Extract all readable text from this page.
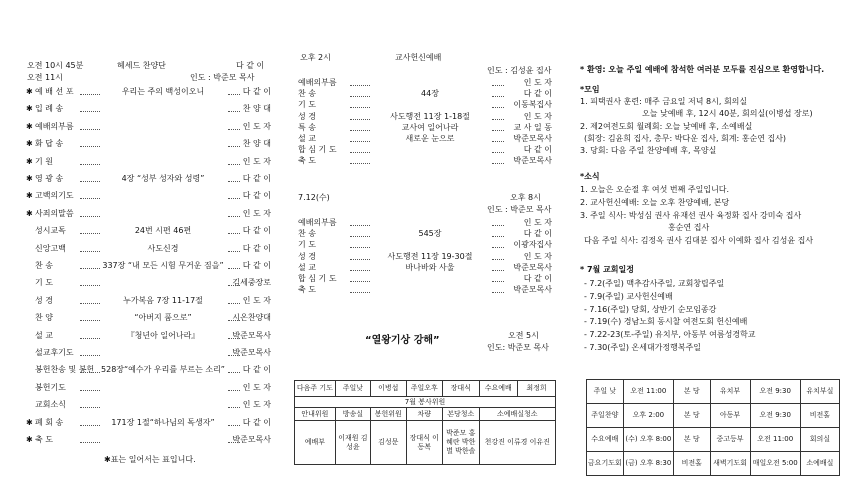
오전 10시 45분	헤세드 찬양단	다 같 이
오전 11시	인도 : 박준모 목사
✱ 예 배 선 포	우리는 주의 백성이오니	다 같 이
✱ 입 례 송	찬 양 대
✱ 예배의부름	인 도 자
✱ 화 답 송	찬 양 대
✱ 기 원	인 도 자
✱ 영 광 송	4장 “성부 성자와 성령”	다 같 이
✱ 고백의기도	다 같 이
✱ 사죄의말씀	인 도 자
성시교독	24번 시편 46편	다 같 이
신앙고백	사도신경	다 같 이
찬 송	337장 “내 모든 시험 무거운 짐을”	다 같 이
기 도	김세중장로
성 경	누가복음 7장 11-17절	인 도 자
찬 양	“아버지 품으로”	시온찬양대
설 교	『청년아 일어나라』	박준모목사
설교후기도	박준모목사
봉헌찬송 및 봉헌 528장“예수가 우리를 부르는 소리”	다 같 이
봉헌기도	인 도 자
교회소식	인 도 자
✱ 폐 회 송	171장 1절“하나님의 독생자”	다 같 이
✱ 축 도	박준모목사
✱표는 일어서는 표입니다.
오후 2시	교사헌신예배
인도 : 김성윤 집사
예배의부름	인 도 자
찬 송	44장	다 같 이
기 도	이동복집사
성 경	사도행전 11장 1-18절	인 도 자
특 송	교사여 일어나라	교 사 일 동
설 교	새로운 눈으로	박준모목사
합 심 기 도	다 같 이
축 도	박준모목사
7.12(수)	오후 8시
인도 : 박준모 목사
예배의부름	인 도 자
찬 송	545장	다 같 이
기 도	이광자집사
성 경	사도행전 11장 19-30절	인 도 자
설 교	바나바와 사울	박준모목사
합 심 기 도	다 같 이
축 도	박준모목사
“열왕기상 강해”	오전 5시
인도: 박준모 목사
다음주 기도	주일낮	이병섭	주일오후	장대식	수요예배	최정희
7월 봉사위원						
안내위원	방송실	봉헌위원	차량	본당청소	소예배실청소	
예배부	이재원 김성윤	김성문	장대식 이동복	박준모 홍혜란 박한별 박한솔	천강진 이류경 이유진	
* 환영: 오늘 주일 예배에 참석한 여러분 모두를 진심으로 환영합니다.
*모임
1. 피택권사 훈련: 매주 금요일 저녁 8시, 회의실
오늘 낮예배 후, 12시 40분, 회의실(이병섭 장로)
2. 제2여전도회 월례회: 오늘 낮예배 후, 소예배실
(회장: 김윤희 집사, 총무: 박다운 집사, 회계: 홍순연 집사)
3. 당회: 다음 주일 찬양예배 후, 목양실
*소식
1. 오늘은 오순절 후 여섯 번째 주일입니다.
2. 교사헌신예배: 오늘 오후 찬양예배, 본당
3. 주일 식사: 박성심 권사 유재선 권사 육정화 집사 강미숙 집사
홍순연 집사
다음 주일 식사: 김정옥 권사 김대분 집사 이예화 집사 김성윤 집사
* 7월 교회일정
- 7.2(주일) 맥추감사주일, 교회창립주일
- 7.9(주일) 교사헌신예배
- 7.16(주일) 당회, 상반기 순모임종강
- 7.19(수) 경남노회 동시찰 여전도회 헌신예배
- 7.22-23(토-주일) 유치부, 아동부 여름성경학교
- 7.30(주일) 온세대가정행복주일
주일 낮	오전 11:00	본 당	유치부	오전 9:30	유치부실
주일찬양	오후 2:00	본 당	아동부	오전 9:30	비전홀
수요예배	(수) 오후 8:00	본 당	중고등부	오전 11:00	회의실
금요기도회	(금) 오후 8:30	비전홀	새벽기도회	매일오전 5:00	소예배실
